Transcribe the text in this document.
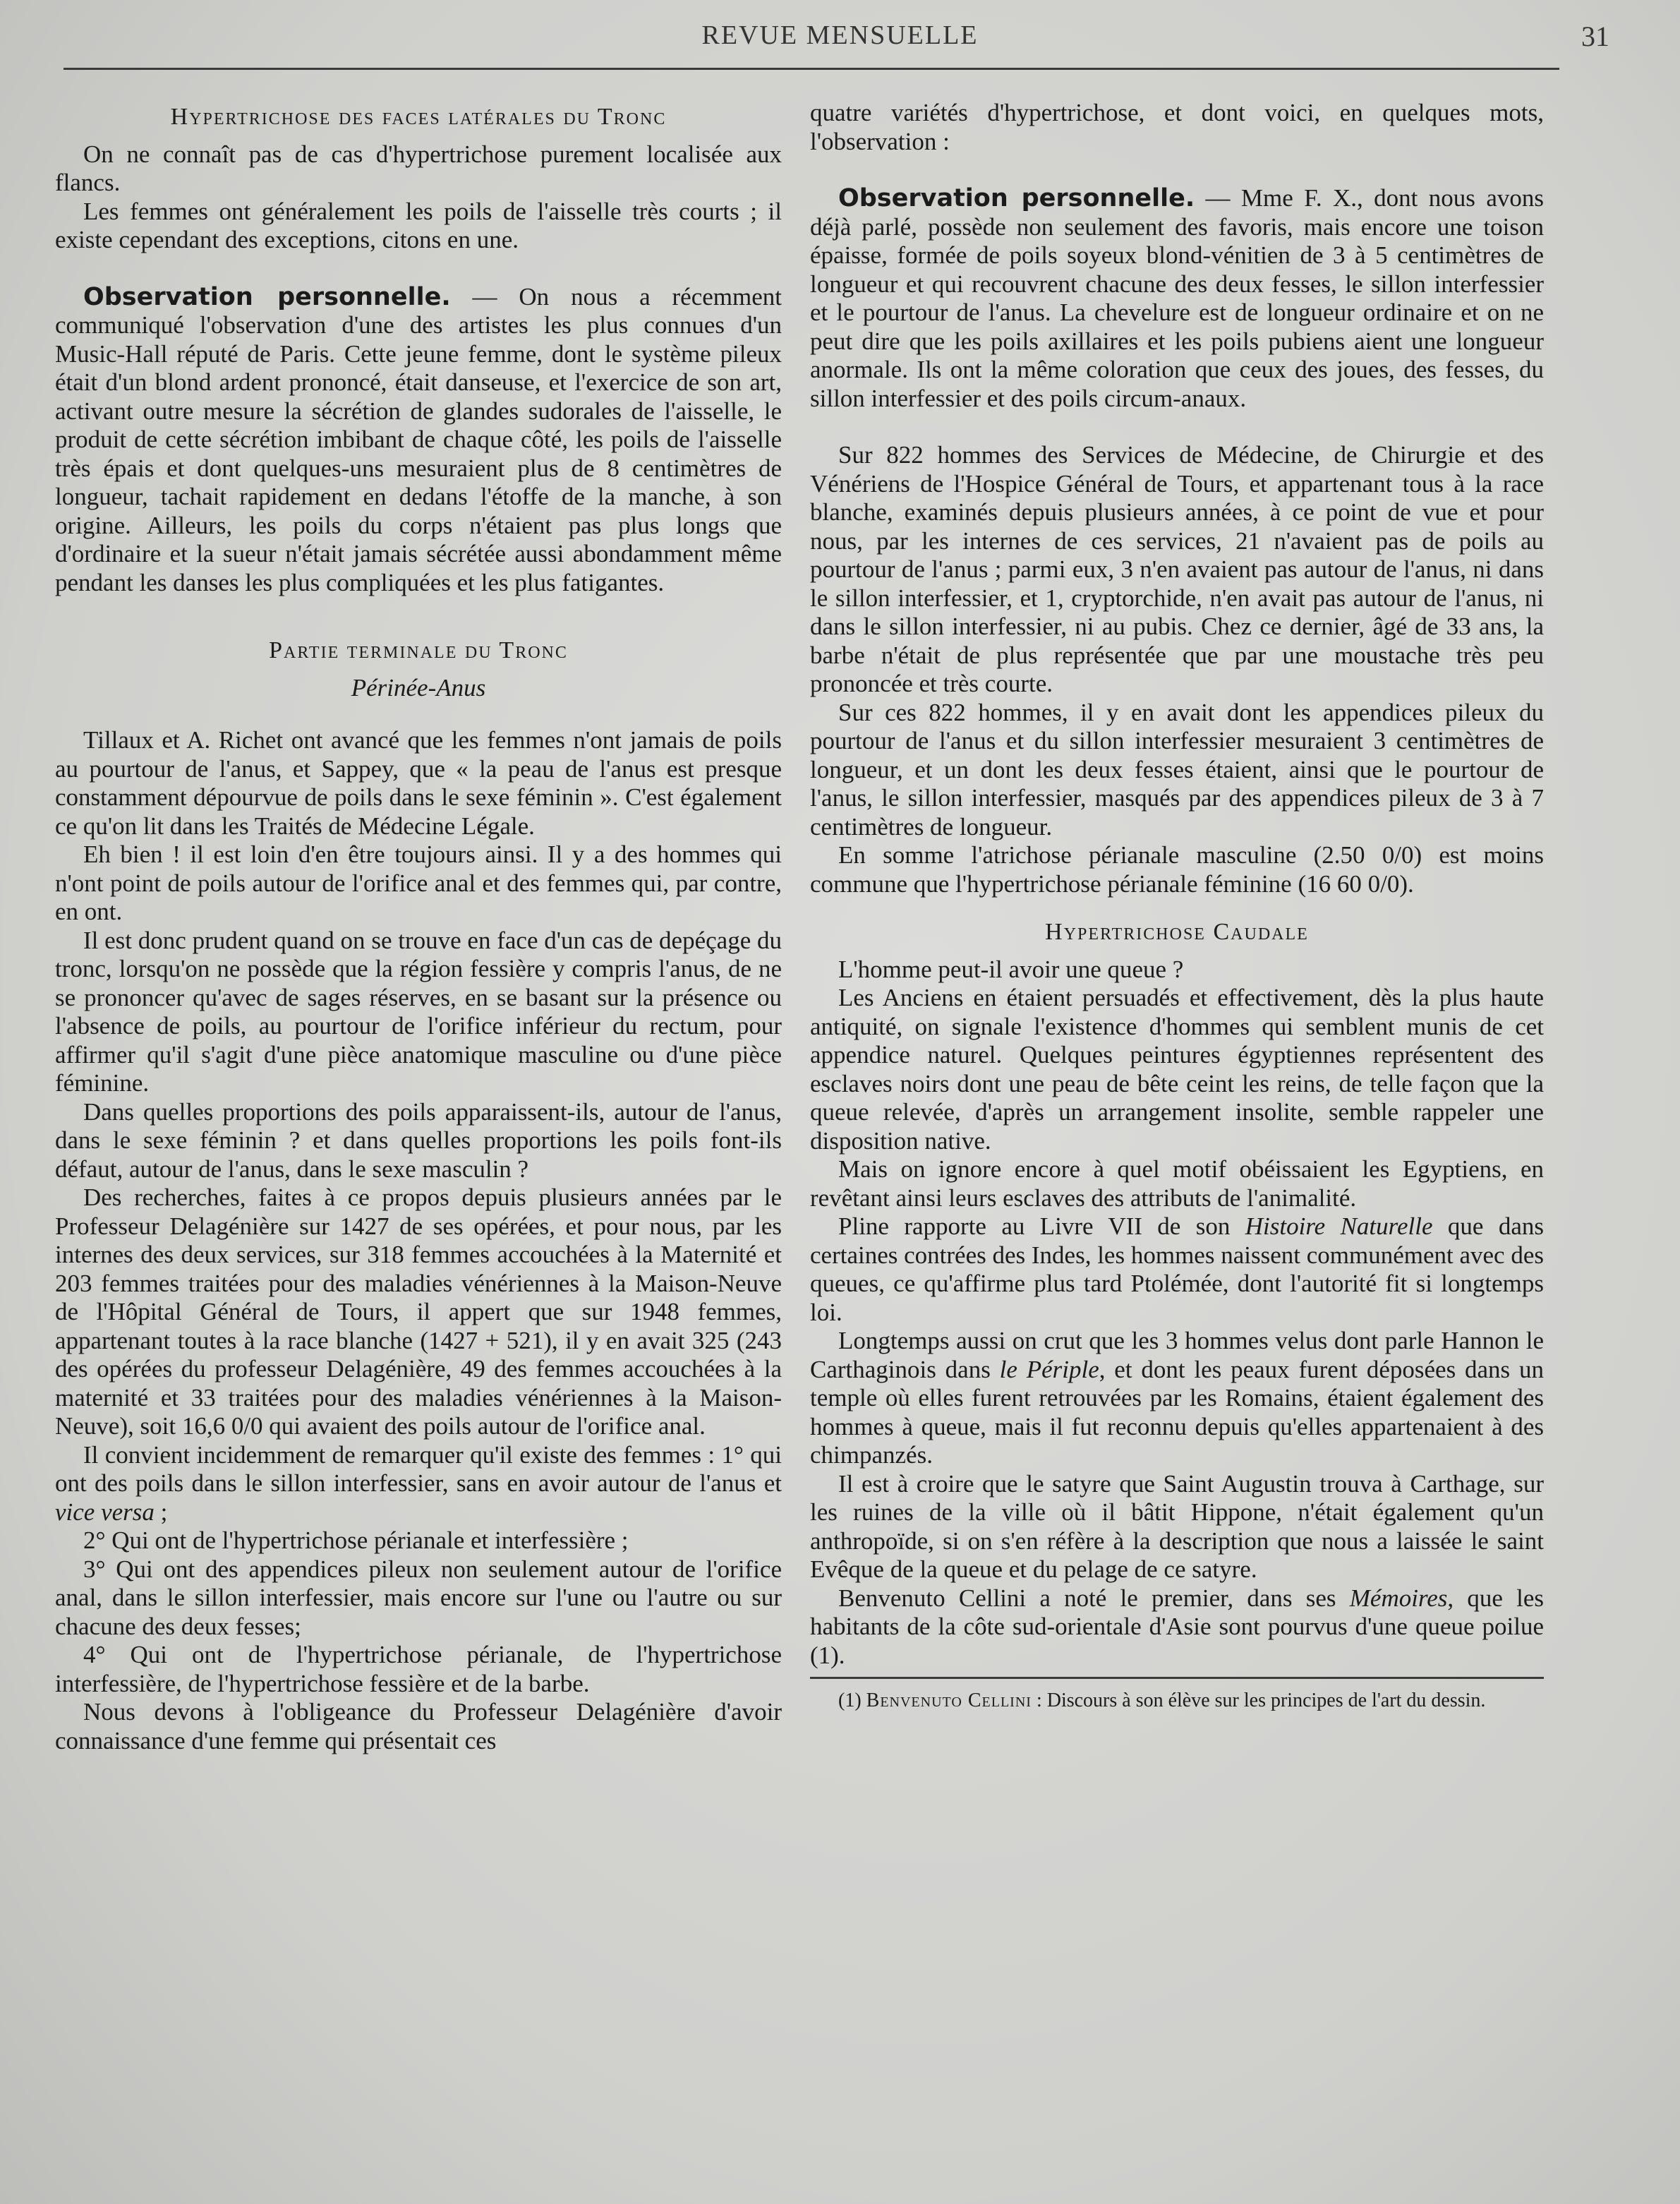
REVUE MENSUELLE	31
Hypertrichose des faces latérales du Tronc

On ne connaît pas de cas d'hypertrichose purement localisée aux flancs.

Les femmes ont généralement les poils de l'aisselle très courts ; il existe cependant des exceptions, citons en une.

Observation personnelle. — On nous a récemment communiqué l'observation d'une des artistes les plus connues d'un Music-Hall réputé de Paris. Cette jeune femme, dont le système pileux était d'un blond ardent prononcé, était danseuse, et l'exercice de son art, activant outre mesure la sécrétion de glandes sudorales de l'aisselle, le produit de cette sécrétion imbibant de chaque côté, les poils de l'aisselle très épais et dont quelques-uns mesuraient plus de 8 centimètres de longueur, tachait rapidement en dedans l'étoffe de la manche, à son origine. Ailleurs, les poils du corps n'étaient pas plus longs que d'ordinaire et la sueur n'était jamais sécrétée aussi abondamment même pendant les danses les plus compliquées et les plus fatigantes.

Partie terminale du Tronc
Périnée-Anus

Tillaux et A. Richet ont avancé que les femmes n'ont jamais de poils au pourtour de l'anus, et Sappey, que « la peau de l'anus est presque constamment dépourvue de poils dans le sexe féminin ». C'est également ce qu'on lit dans les Traités de Médecine Légale.

Eh bien ! il est loin d'en être toujours ainsi. Il y a des hommes qui n'ont point de poils autour de l'orifice anal et des femmes qui, par contre, en ont.

Il est donc prudent quand on se trouve en face d'un cas de depéçage du tronc, lorsqu'on ne possède que la région fessière y compris l'anus, de ne se prononcer qu'avec de sages réserves, en se basant sur la présence ou l'absence de poils, au pourtour de l'orifice inférieur du rectum, pour affirmer qu'il s'agit d'une pièce anatomique masculine ou d'une pièce féminine.

Dans quelles proportions des poils apparaissent-ils, autour de l'anus, dans le sexe féminin ? et dans quelles proportions les poils font-ils défaut, autour de l'anus, dans le sexe masculin ?

Des recherches, faites à ce propos depuis plusieurs années par le Professeur Delagénière sur 1427 de ses opérées, et pour nous, par les internes des deux services, sur 318 femmes accouchées à la Maternité et 203 femmes traitées pour des maladies vénériennes à la Maison-Neuve de l'Hôpital Général de Tours, il appert que sur 1948 femmes, appartenant toutes à la race blanche (1427 + 521), il y en avait 325 (243 des opérées du professeur Delagénière, 49 des femmes accouchées à la maternité et 33 traitées pour des maladies vénériennes à la Maison-Neuve), soit 16,6 0/0 qui avaient des poils autour de l'orifice anal.

Il convient incidemment de remarquer qu'il existe des femmes : 1° qui ont des poils dans le sillon interfessier, sans en avoir autour de l'anus et vice versa ;

2° Qui ont de l'hypertrichose périanale et interfessière ;

3° Qui ont des appendices pileux non seulement autour de l'orifice anal, dans le sillon interfessier, mais encore sur l'une ou l'autre ou sur chacune des deux fesses;

4° Qui ont de l'hypertrichose périanale, de l'hypertrichose interfessière, de l'hypertrichose fessière et de la barbe.

Nous devons à l'obligeance du Professeur Delagénière d'avoir connaissance d'une femme qui présentait ces

quatre variétés d'hypertrichose, et dont voici, en quelques mots, l'observation :

Observation personnelle. — Mme F. X., dont nous avons déjà parlé, possède non seulement des favoris, mais encore une toison épaisse, formée de poils soyeux blond-vénitien de 3 à 5 centimètres de longueur et qui recouvrent chacune des deux fesses, le sillon interfessier et le pourtour de l'anus. La chevelure est de longueur ordinaire et on ne peut dire que les poils axillaires et les poils pubiens aient une longueur anormale. Ils ont la même coloration que ceux des joues, des fesses, du sillon interfessier et des poils circum-anaux.

Sur 822 hommes des Services de Médecine, de Chirurgie et des Vénériens de l'Hospice Général de Tours, et appartenant tous à la race blanche, examinés depuis plusieurs années, à ce point de vue et pour nous, par les internes de ces services, 21 n'avaient pas de poils au pourtour de l'anus ; parmi eux, 3 n'en avaient pas autour de l'anus, ni dans le sillon interfessier, et 1, cryptorchide, n'en avait pas autour de l'anus, ni dans le sillon interfessier, ni au pubis. Chez ce dernier, âgé de 33 ans, la barbe n'était de plus représentée que par une moustache très peu prononcée et très courte.

Sur ces 822 hommes, il y en avait dont les appendices pileux du pourtour de l'anus et du sillon interfessier mesuraient 3 centimètres de longueur, et un dont les deux fesses étaient, ainsi que le pourtour de l'anus, le sillon interfessier, masqués par des appendices pileux de 3 à 7 centimètres de longueur.

En somme l'atrichose périanale masculine (2.50 0/0) est moins commune que l'hypertrichose périanale féminine (16 60 0/0).

Hypertrichose Caudale

L'homme peut-il avoir une queue ?

Les Anciens en étaient persuadés et effectivement, dès la plus haute antiquité, on signale l'existence d'hommes qui semblent munis de cet appendice naturel. Quelques peintures égyptiennes représentent des esclaves noirs dont une peau de bête ceint les reins, de telle façon que la queue relevée, d'après un arrangement insolite, semble rappeler une disposition native.

Mais on ignore encore à quel motif obéissaient les Egyptiens, en revêtant ainsi leurs esclaves des attributs de l'animalité.

Pline rapporte au Livre VII de son Histoire Naturelle que dans certaines contrées des Indes, les hommes naissent communément avec des queues, ce qu'affirme plus tard Ptolémée, dont l'autorité fit si longtemps loi.

Longtemps aussi on crut que les 3 hommes velus dont parle Hannon le Carthaginois dans le Périple, et dont les peaux furent déposées dans un temple où elles furent retrouvées par les Romains, étaient également des hommes à queue, mais il fut reconnu depuis qu'elles appartenaient à des chimpanzés.

Il est à croire que le satyre que Saint Augustin trouva à Carthage, sur les ruines de la ville où il bâtit Hippone, n'était également qu'un anthropoïde, si on s'en réfère à la description que nous a laissée le saint Evêque de la queue et du pelage de ce satyre.

Benvenuto Cellini a noté le premier, dans ses Mémoires, que les habitants de la côte sud-orientale d'Asie sont pourvus d'une queue poilue (1).

(1) Benvenuto Cellini : Discours à son élève sur les principes de l'art du dessin.
